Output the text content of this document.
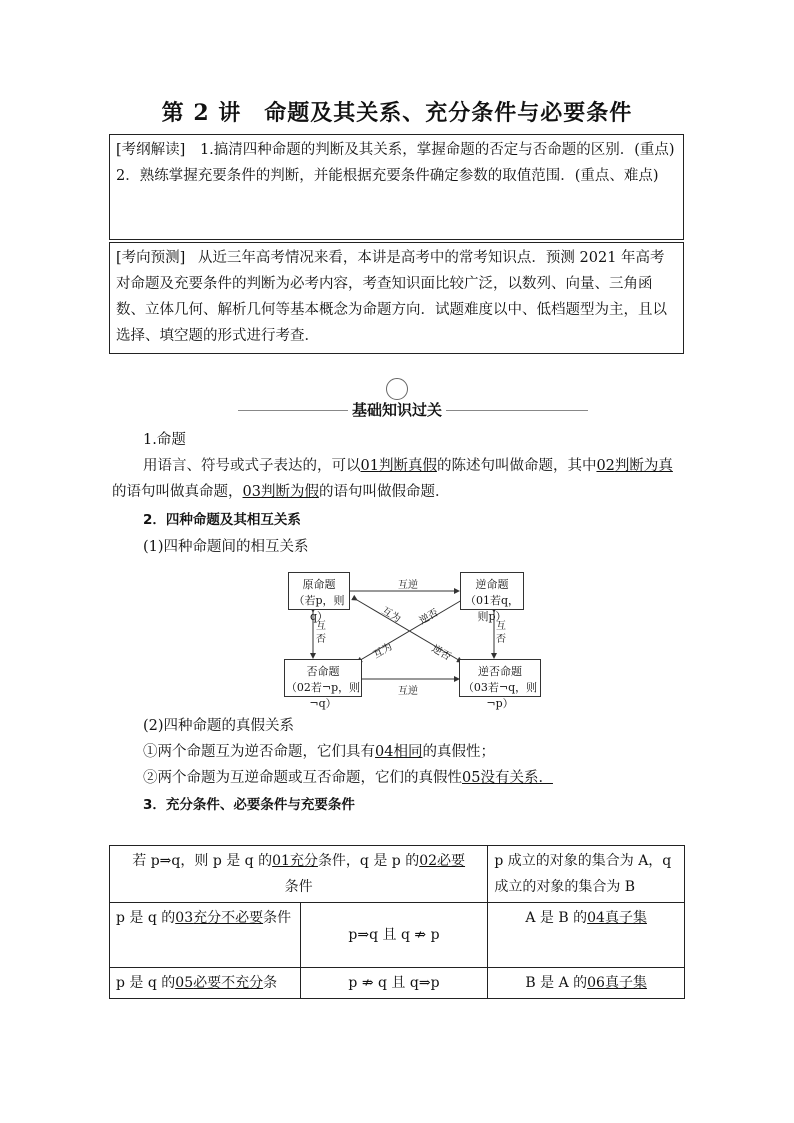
第 2 讲　命题及其关系、充分条件与必要条件
[考纲解读] 1.搞清四种命题的判断及其关系，掌握命题的否定与否命题的区别．(重点)
2．熟练掌握充要条件的判断，并能根据充要条件确定参数的取值范围．(重点、难点)
[考向预测] 从近三年高考情况来看，本讲是高考中的常考知识点．预测 2021 年高考对命题及充要条件的判断为必考内容，考查知识面比较广泛，以数列、向量、三角函数、立体几何、解析几何等基本概念为命题方向．试题难度以中、低档题型为主，且以选择、填空题的形式进行考查．
基础知识过关
1.命题
用语言、符号或式子表达的，可以01判断真假的陈述句叫做命题，其中02判断为真的语句叫做真命题，03判断为假的语句叫做假命题．
2．四种命题及其相互关系
(1)四种命题间的相互关系
原命题
（若p，则q）
逆命题
（01若q，则p）
否命题
（02若¬p，则¬q）
逆否命题
（03若¬q，则¬p）
互逆
互逆
互否
互否
互为
逆否
互为
逆否
(2)四种命题的真假关系
①两个命题互为逆否命题，它们具有04相同的真假性；
②两个命题为互逆命题或互否命题，它们的真假性05没有关系．
3．充分条件、必要条件与充要条件
若 p⇒q，则 p 是 q 的01充分条件，q 是 p 的02必要
条件		p 成立的对象的集合为 A，q 成立的对象的集合为 B
p 是 q 的03充分不必要条件	p⇒q 且 q ⇏ p	A 是 B 的04真子集
p 是 q 的05必要不充分条	p ⇏ q 且 q⇒p	B 是 A 的06真子集
